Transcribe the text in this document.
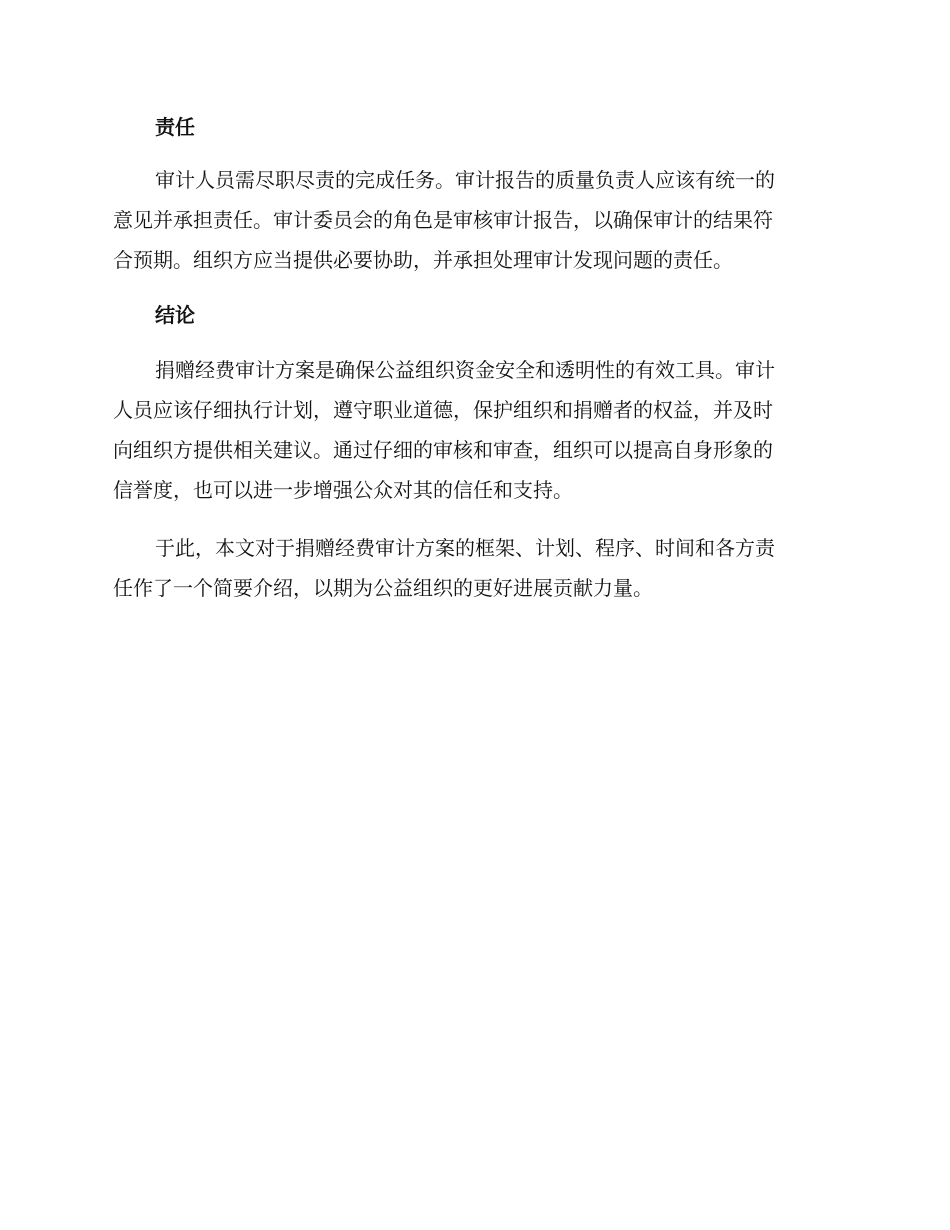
责任
审计人员需尽职尽责的完成任务。审计报告的质量负责人应该有统一的
意见并承担责任。审计委员会的角色是审核审计报告，以确保审计的结果符
合预期。组织方应当提供必要协助，并承担处理审计发现问题的责任。
结论
捐赠经费审计方案是确保公益组织资金安全和透明性的有效工具。审计
人员应该仔细执行计划，遵守职业道德，保护组织和捐赠者的权益，并及时
向组织方提供相关建议。通过仔细的审核和审查，组织可以提高自身形象的
信誉度，也可以进一步增强公众对其的信任和支持。
于此，本文对于捐赠经费审计方案的框架、计划、程序、时间和各方责
任作了一个简要介绍，以期为公益组织的更好进展贡献力量。
